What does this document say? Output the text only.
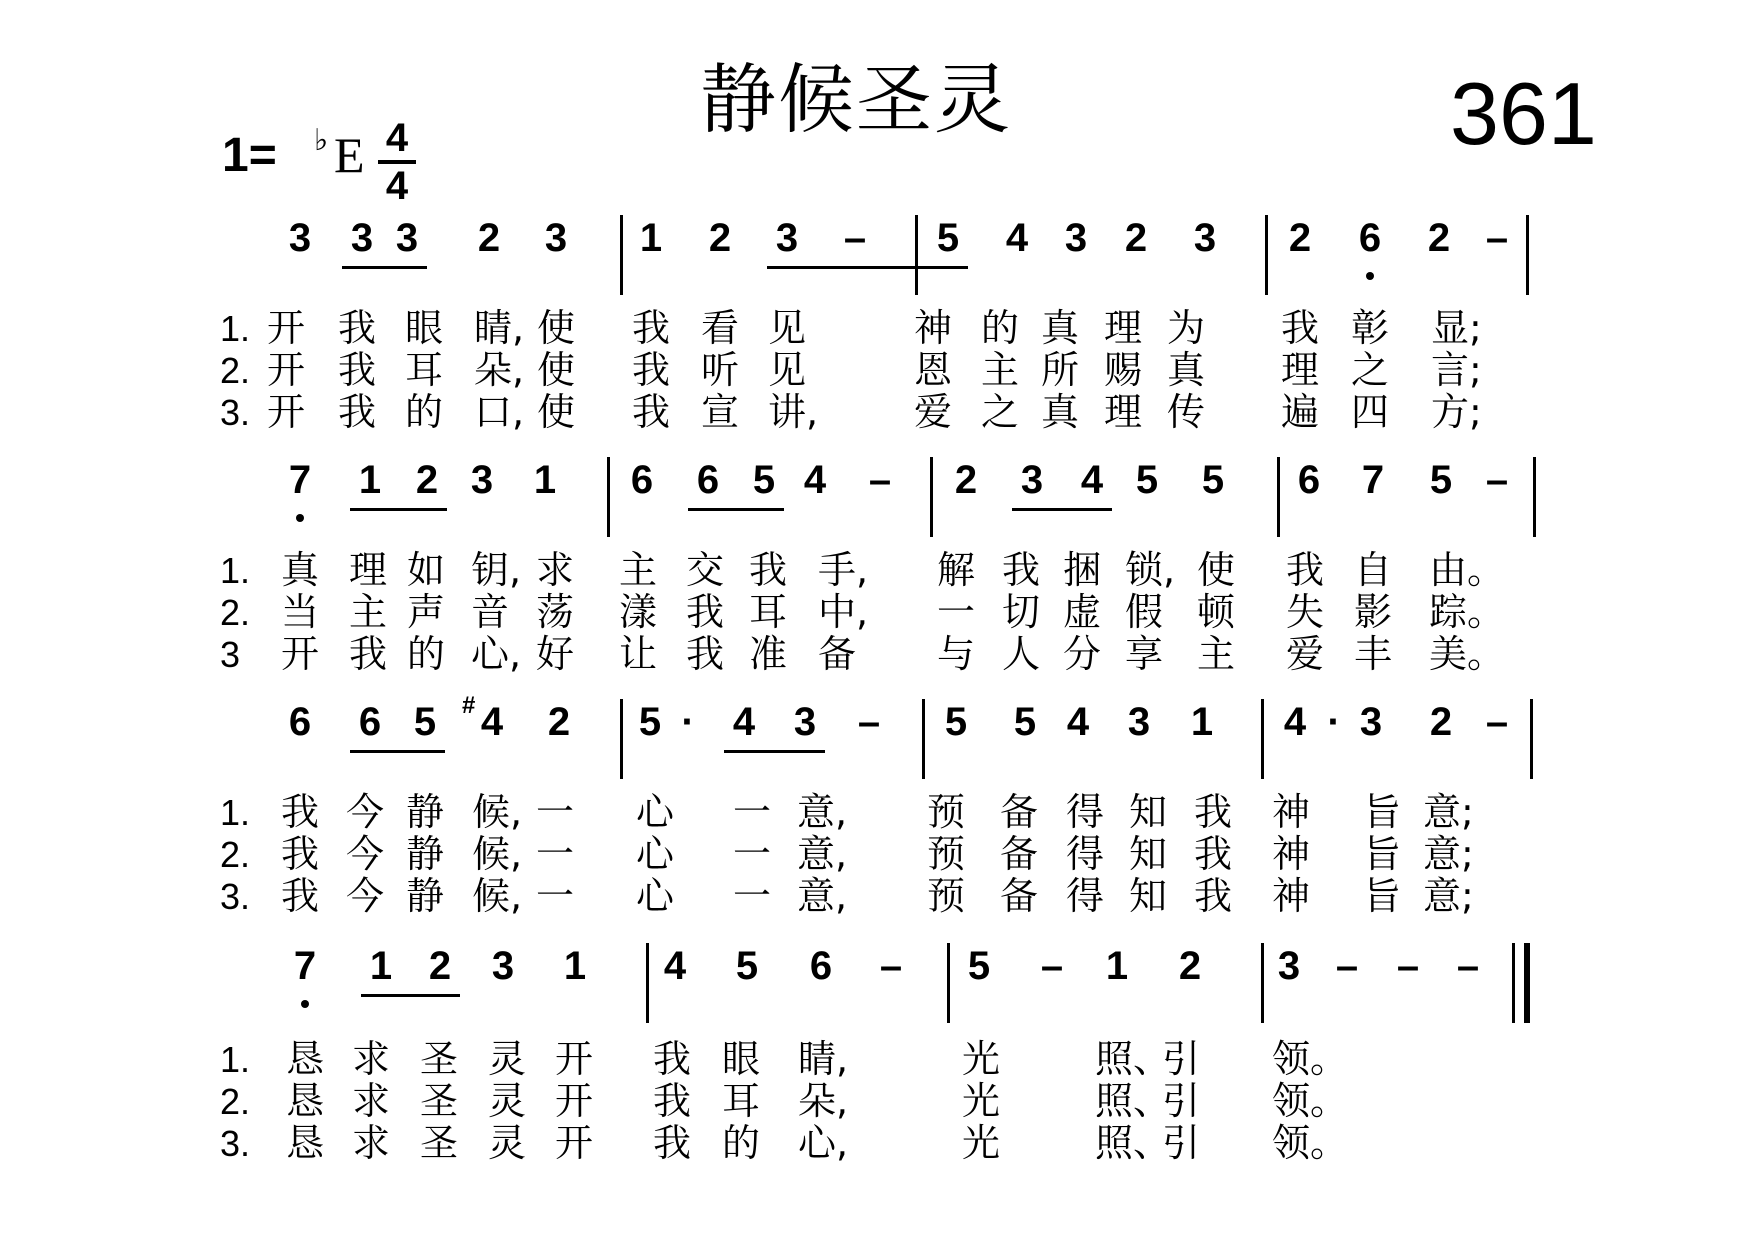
静候圣灵	361
1= ♭ E 4
4
3 3 3 2 3 1 2 3 – 5 4 3 2 3 2 6 2 –
1. 开 我 眼 睛, 使 我 看 见	神 的 真 理 为 我 彰 显;
2. 开 我 耳 朵, 使 我 听 见	恩 主 所 赐 真 理 之 言;
3. 开 我 的 口, 使 我 宣 讲,	爱 之 真 理 传 遍 四 方;
7 1 2 3 1 6 6 5 4 – 2 3 4 5 5 6 7 5 –
1. 真 理 如 钥, 求 主 交 我 手, 解 我 捆 锁, 使 我 自 由。
2. 当 主 声 音 荡 漾 我 耳 中, 一 切 虚 假 顿 失 影 踪。
3 开 我 的 心, 好 让 我 准 备 与 人 分 享 主 爱 丰 美。
6 6 5 4 2 5 · 4 3 – 5 5 4 3 1 4 · 3 2 –
#
1. 我 今 静 候, 一 心 一 意, 预 备 得 知 我 神 旨 意;
2. 我 今 静 候, 一 心 一 意, 预 备 得 知 我 神 旨 意;
3. 我 今 静 候, 一 心 一 意, 预 备 得 知 我 神 旨 意;
7 1 2 3 1 4 5 6 – 5 – 1 2 3 – – –
1. 恳 求 圣 灵 开 我 眼 睛,	光 照、
引 领。
2. 恳 求 圣 灵 开 我 耳 朵,	光 照、
引 领。
3. 恳 求 圣 灵 开 我 的 心,	光 照、
引 领。
